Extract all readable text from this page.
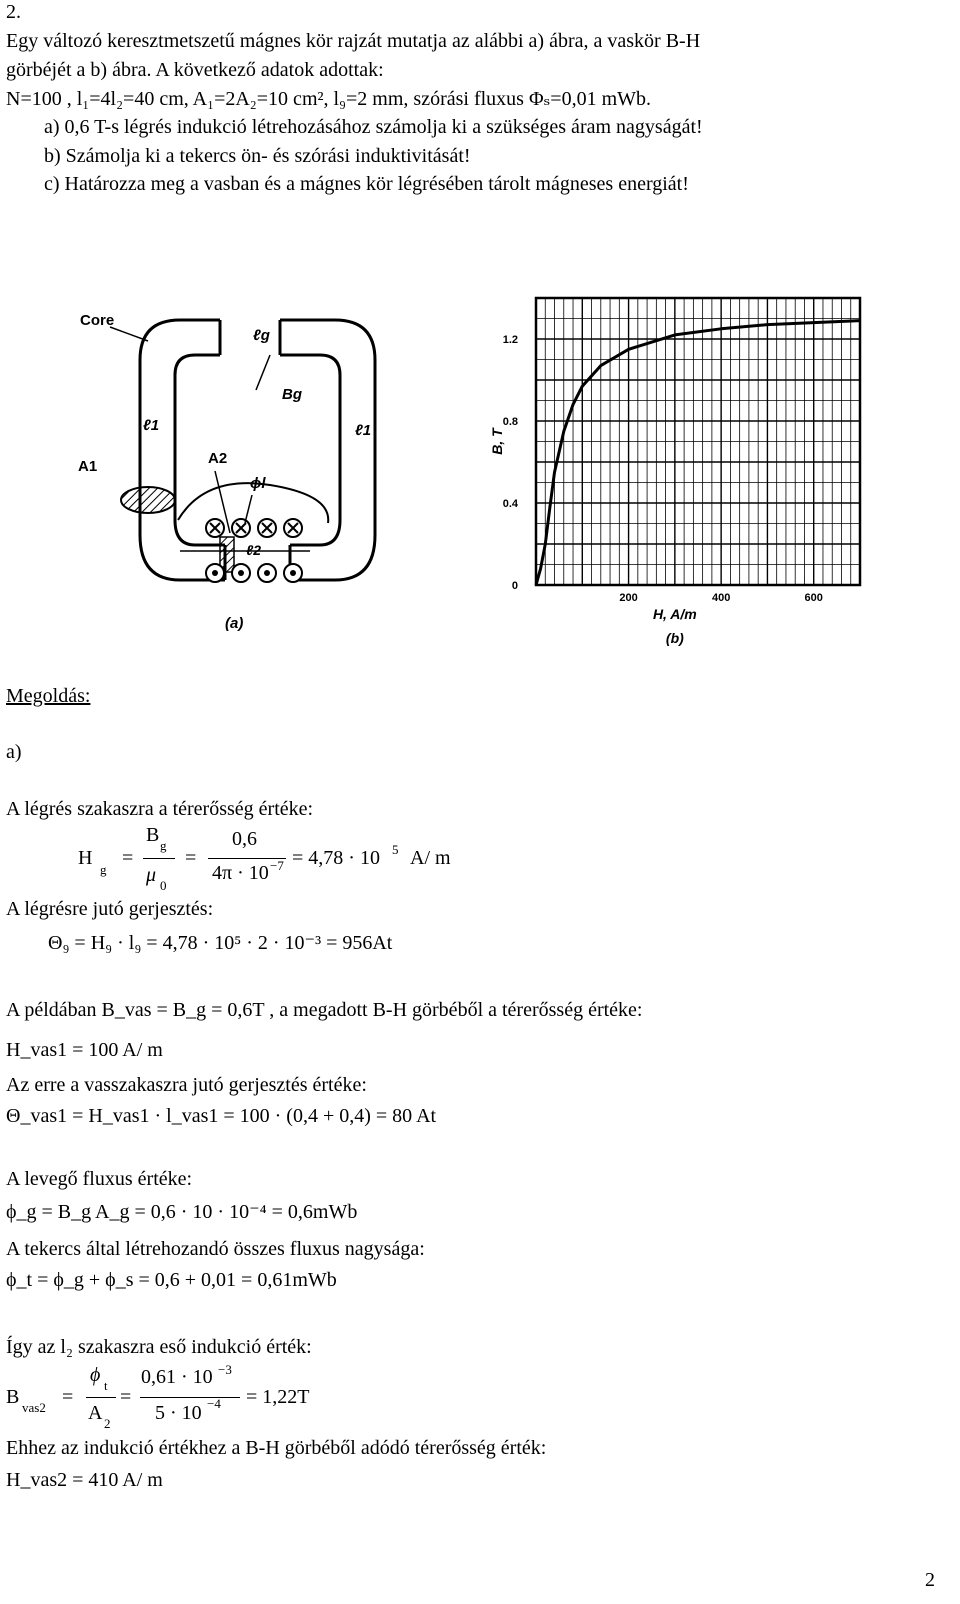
2.
Egy változó keresztmetszetű mágnes kör rajzát mutatja az alábbi a) ábra, a vaskör B-H
görbéjét a b) ábra. A következő adatok adottak:
N=100 , l₁=4l₂=40 cm, A₁=2A₂=10 cm², l₉=2 mm, szórási fluxus Φₛ=0,01 mWb.
a) 0,6 T-s légrés indukció létrehozásához számolja ki a szükséges áram nagyságát!
b) Számolja ki a tekercs ön- és szórási induktivitását!
c) Határozza meg a vasban és a mágnes kör légrésében tárolt mágneses energiát!
Core
ℓg
Bg
ℓ1	ℓ1
A1	A2
ϕl
ℓ2
(a)
0
0.4
0.8
1.2
200	400	600
B, T
H, A/m
(b)
Megoldás:
a)
A légrés szakaszra a térerősség értéke:
H
g
=
B g
μ 0
=
0,6
4π · 10 −7 = 4,78 · 10 5 A/ m
A légrésre jutó gerjesztés:
Θ₉ = H₉ · l₉ = 4,78 · 10⁵ · 2 · 10⁻³ = 956At
A példában B_vas = B_g = 0,6T , a megadott B-H görbéből a térerősség értéke:
H_vas1 = 100 A/ m
Az erre a vasszakaszra jutó gerjesztés értéke:
Θ_vas1 = H_vas1 · l_vas1 = 100 · (0,4 + 0,4) = 80 At
A levegő fluxus értéke:
ϕ_g = B_g A_g = 0,6 · 10 · 10⁻⁴ = 0,6mWb
A tekercs által létrehozandó összes fluxus nagysága:
ϕ_t = ϕ_g + ϕ_s = 0,6 + 0,01 = 0,61mWb
Így az l₂ szakaszra eső indukció érték:
B vas2 =
ϕ t
A 2
=
0,61 · 10 −3
5 · 10 −4 = 1,22T
Ehhez az indukció értékhez a B-H görbéből adódó térerősség érték:
H_vas2 = 410 A/ m
2
